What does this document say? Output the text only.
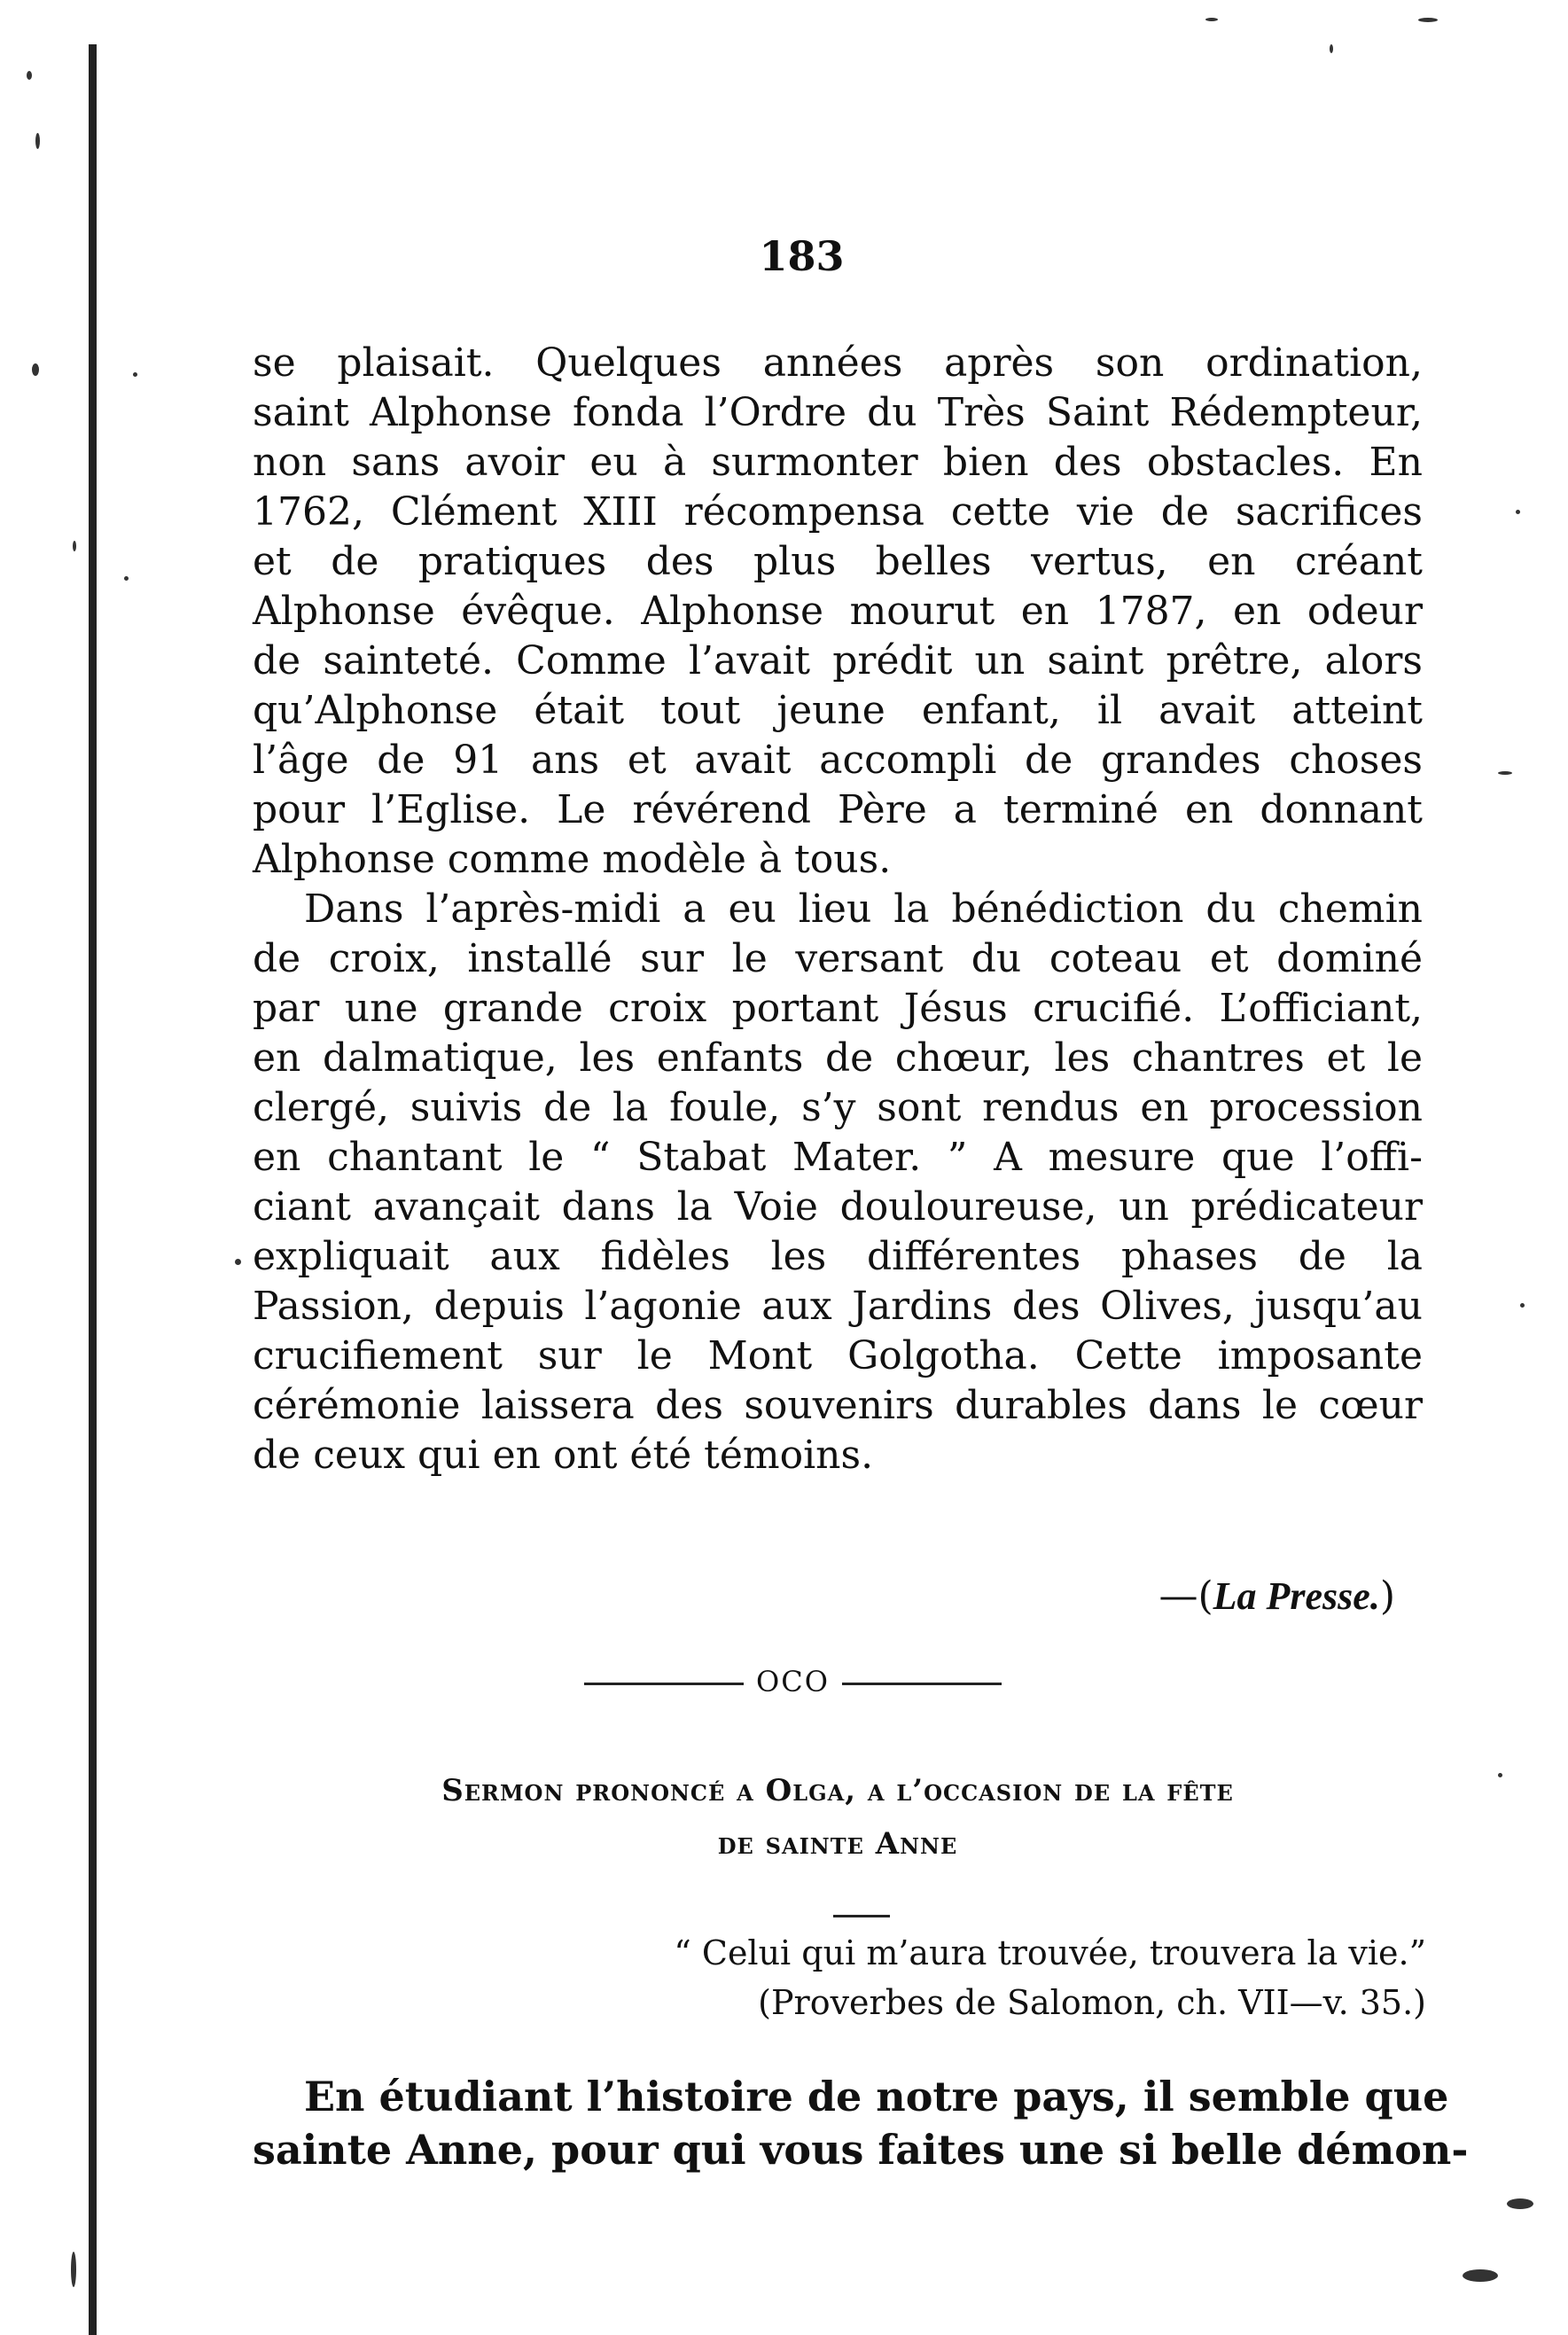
183
se plaisait. Quelques années après son ordination,
saint Alphonse fonda l’Ordre du Très Saint Rédempteur,
non sans avoir eu à surmonter bien des obstacles. En
1762, Clément XIII récompensa cette vie de sacrifices
et de pratiques des plus belles vertus, en créant
Alphonse évêque. Alphonse mourut en 1787, en odeur
de sainteté. Comme l’avait prédit un saint prêtre, alors
qu’Alphonse était tout jeune enfant, il avait atteint
l’âge de 91 ans et avait accompli de grandes choses
pour l’Eglise. Le révérend Père a terminé en donnant
Alphonse comme modèle à tous.
Dans l’après-midi a eu lieu la bénédiction du chemin
de croix, installé sur le versant du coteau et dominé
par une grande croix portant Jésus crucifié. L’officiant,
en dalmatique, les enfants de chœur, les chantres et le
clergé, suivis de la foule, s’y sont rendus en procession
en chantant le “ Stabat Mater. ” A mesure que l’offi-
ciant avançait dans la Voie douloureuse, un prédicateur
expliquait aux fidèles les différentes phases de la
Passion, depuis l’agonie aux Jardins des Olives, jusqu’au
crucifiement sur le Mont Golgotha. Cette imposante
cérémonie laissera des souvenirs durables dans le cœur
de ceux qui en ont été témoins.
—(La Presse.)
OCO
Sermon prononcé a Olga, a l’occasion de la fête
de sainte Anne
“ Celui qui m’aura trouvée, trouvera la vie.”
(Proverbes de Salomon, ch. VII—v. 35.)
En étudiant l’histoire de notre pays, il semble que
sainte Anne, pour qui vous faites une si belle démon-
